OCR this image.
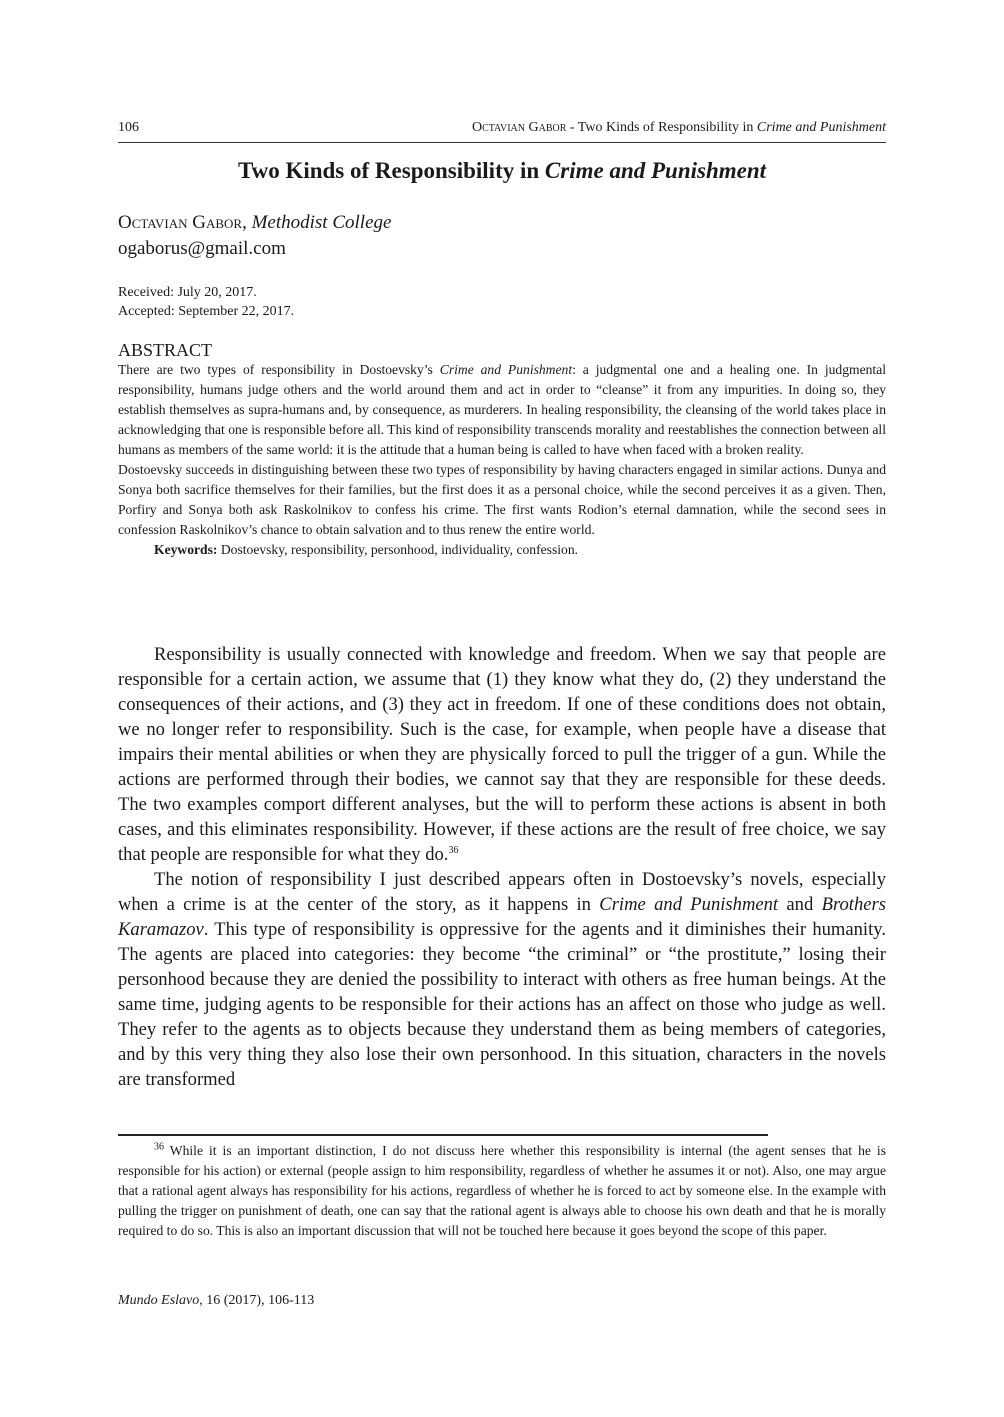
106	Octavian Gabor - Two Kinds of Responsibility in Crime and Punishment
Two Kinds of Responsibility in Crime and Punishment
Octavian Gabor, Methodist College
ogaborus@gmail.com
Received: July 20, 2017.
Accepted: September 22, 2017.
ABSTRACT

There are two types of responsibility in Dostoevsky’s Crime and Punishment: a judgmental one and a healing one. In judgmental responsibility, humans judge others and the world around them and act in order to “cleanse” it from any impurities. In doing so, they establish themselves as supra-humans and, by consequence, as murderers. In healing responsibility, the cleansing of the world takes place in acknowledging that one is responsible before all. This kind of responsibility transcends morality and reestablishes the connection between all humans as members of the same world: it is the attitude that a human being is called to have when faced with a broken reality.

Dostoevsky succeeds in distinguishing between these two types of responsibility by having characters engaged in similar actions. Dunya and Sonya both sacrifice themselves for their families, but the first does it as a personal choice, while the second perceives it as a given. Then, Porfiry and Sonya both ask Raskolnikov to confess his crime. The first wants Rodion’s eternal damnation, while the second sees in confession Raskolnikov’s chance to obtain salvation and to thus renew the entire world.

Keywords: Dostoevsky, responsibility, personhood, individuality, confession.

Responsibility is usually connected with knowledge and freedom. When we say that people are responsible for a certain action, we assume that (1) they know what they do, (2) they understand the consequences of their actions, and (3) they act in freedom. If one of these conditions does not obtain, we no longer refer to responsibility. Such is the case, for example, when people have a disease that impairs their mental abilities or when they are physically forced to pull the trigger of a gun. While the actions are performed through their bodies, we cannot say that they are responsible for these deeds. The two examples comport different analyses, but the will to perform these actions is absent in both cases, and this eliminates responsibility. However, if these actions are the result of free choice, we say that people are responsible for what they do.$^{36}$

The notion of responsibility I just described appears often in Dostoevsky’s novels, especially when a crime is at the center of the story, as it happens in Crime and Punishment and Brothers Karamazov. This type of responsibility is oppressive for the agents and it diminishes their humanity. The agents are placed into categories: they become “the criminal” or “the prostitute,” losing their personhood because they are denied the possibility to interact with others as free human beings. At the same time, judging agents to be responsible for their actions has an affect on those who judge as well. They refer to the agents as to objects because they understand them as being members of categories, and by this very thing they also lose their own personhood. In this situation, characters in the novels are transformed

$^{36}$ While it is an important distinction, I do not discuss here whether this responsibility is internal (the agent senses that he is responsible for his action) or external (people assign to him responsibility, regardless of whether he assumes it or not). Also, one may argue that a rational agent always has responsibility for his actions, regardless of whether he is forced to act by someone else. In the example with pulling the trigger on punishment of death, one can say that the rational agent is always able to choose his own death and that he is morally required to do so. This is also an important discussion that will not be touched here because it goes beyond the scope of this paper.

Mundo Eslavo, 16 (2017), 106-113
